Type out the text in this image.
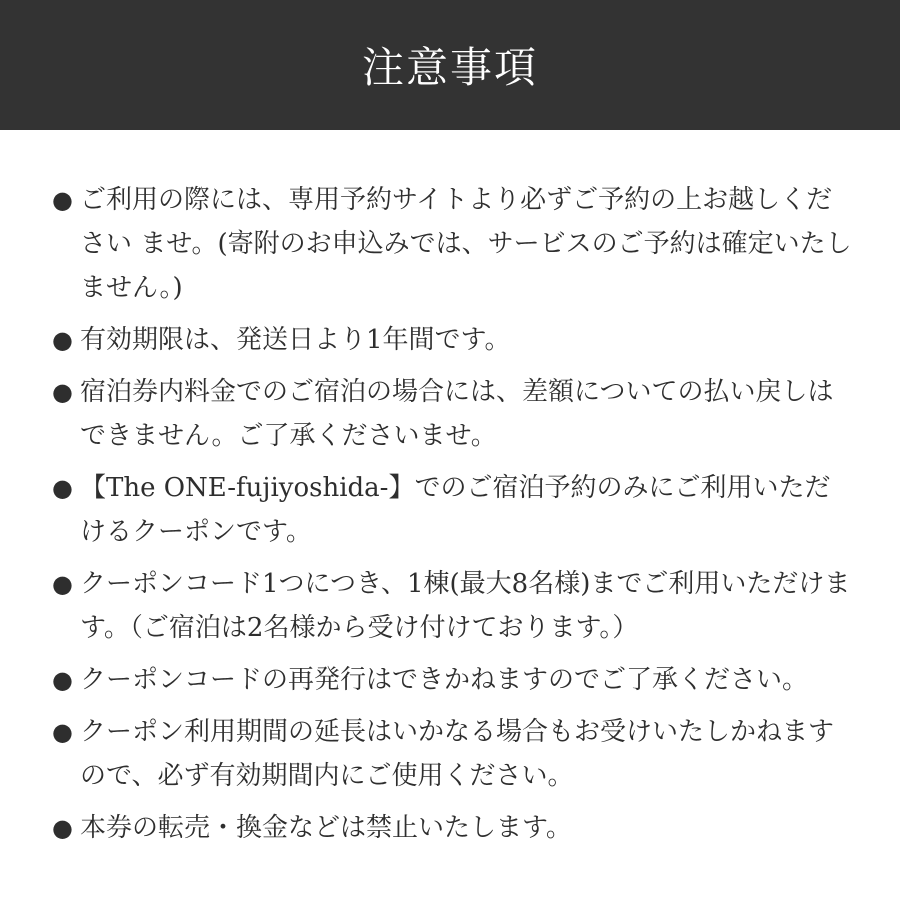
注意事項
● ご利用の際には、専用予約サイトより必ずご予約の上お越しください ませ。(寄附のお申込みでは、サービスのご予約は確定いたしません。)
● 有効期限は、発送日より1年間です。
● 宿泊券内料金でのご宿泊の場合には、差額についての払い戻しはできません。ご了承くださいませ。
● 【The ONE-fujiyoshida-】でのご宿泊予約のみにご利用いただけるクーポンです。
● クーポンコード1つにつき、1棟(最大8名様)までご利用いただけます。（ご宿泊は2名様から受け付けております。）
● クーポンコードの再発行はできかねますのでご了承ください。
● クーポン利用期間の延長はいかなる場合もお受けいたしかねますので、必ず有効期間内にご使用ください。
● 本券の転売・換金などは禁止いたします。
